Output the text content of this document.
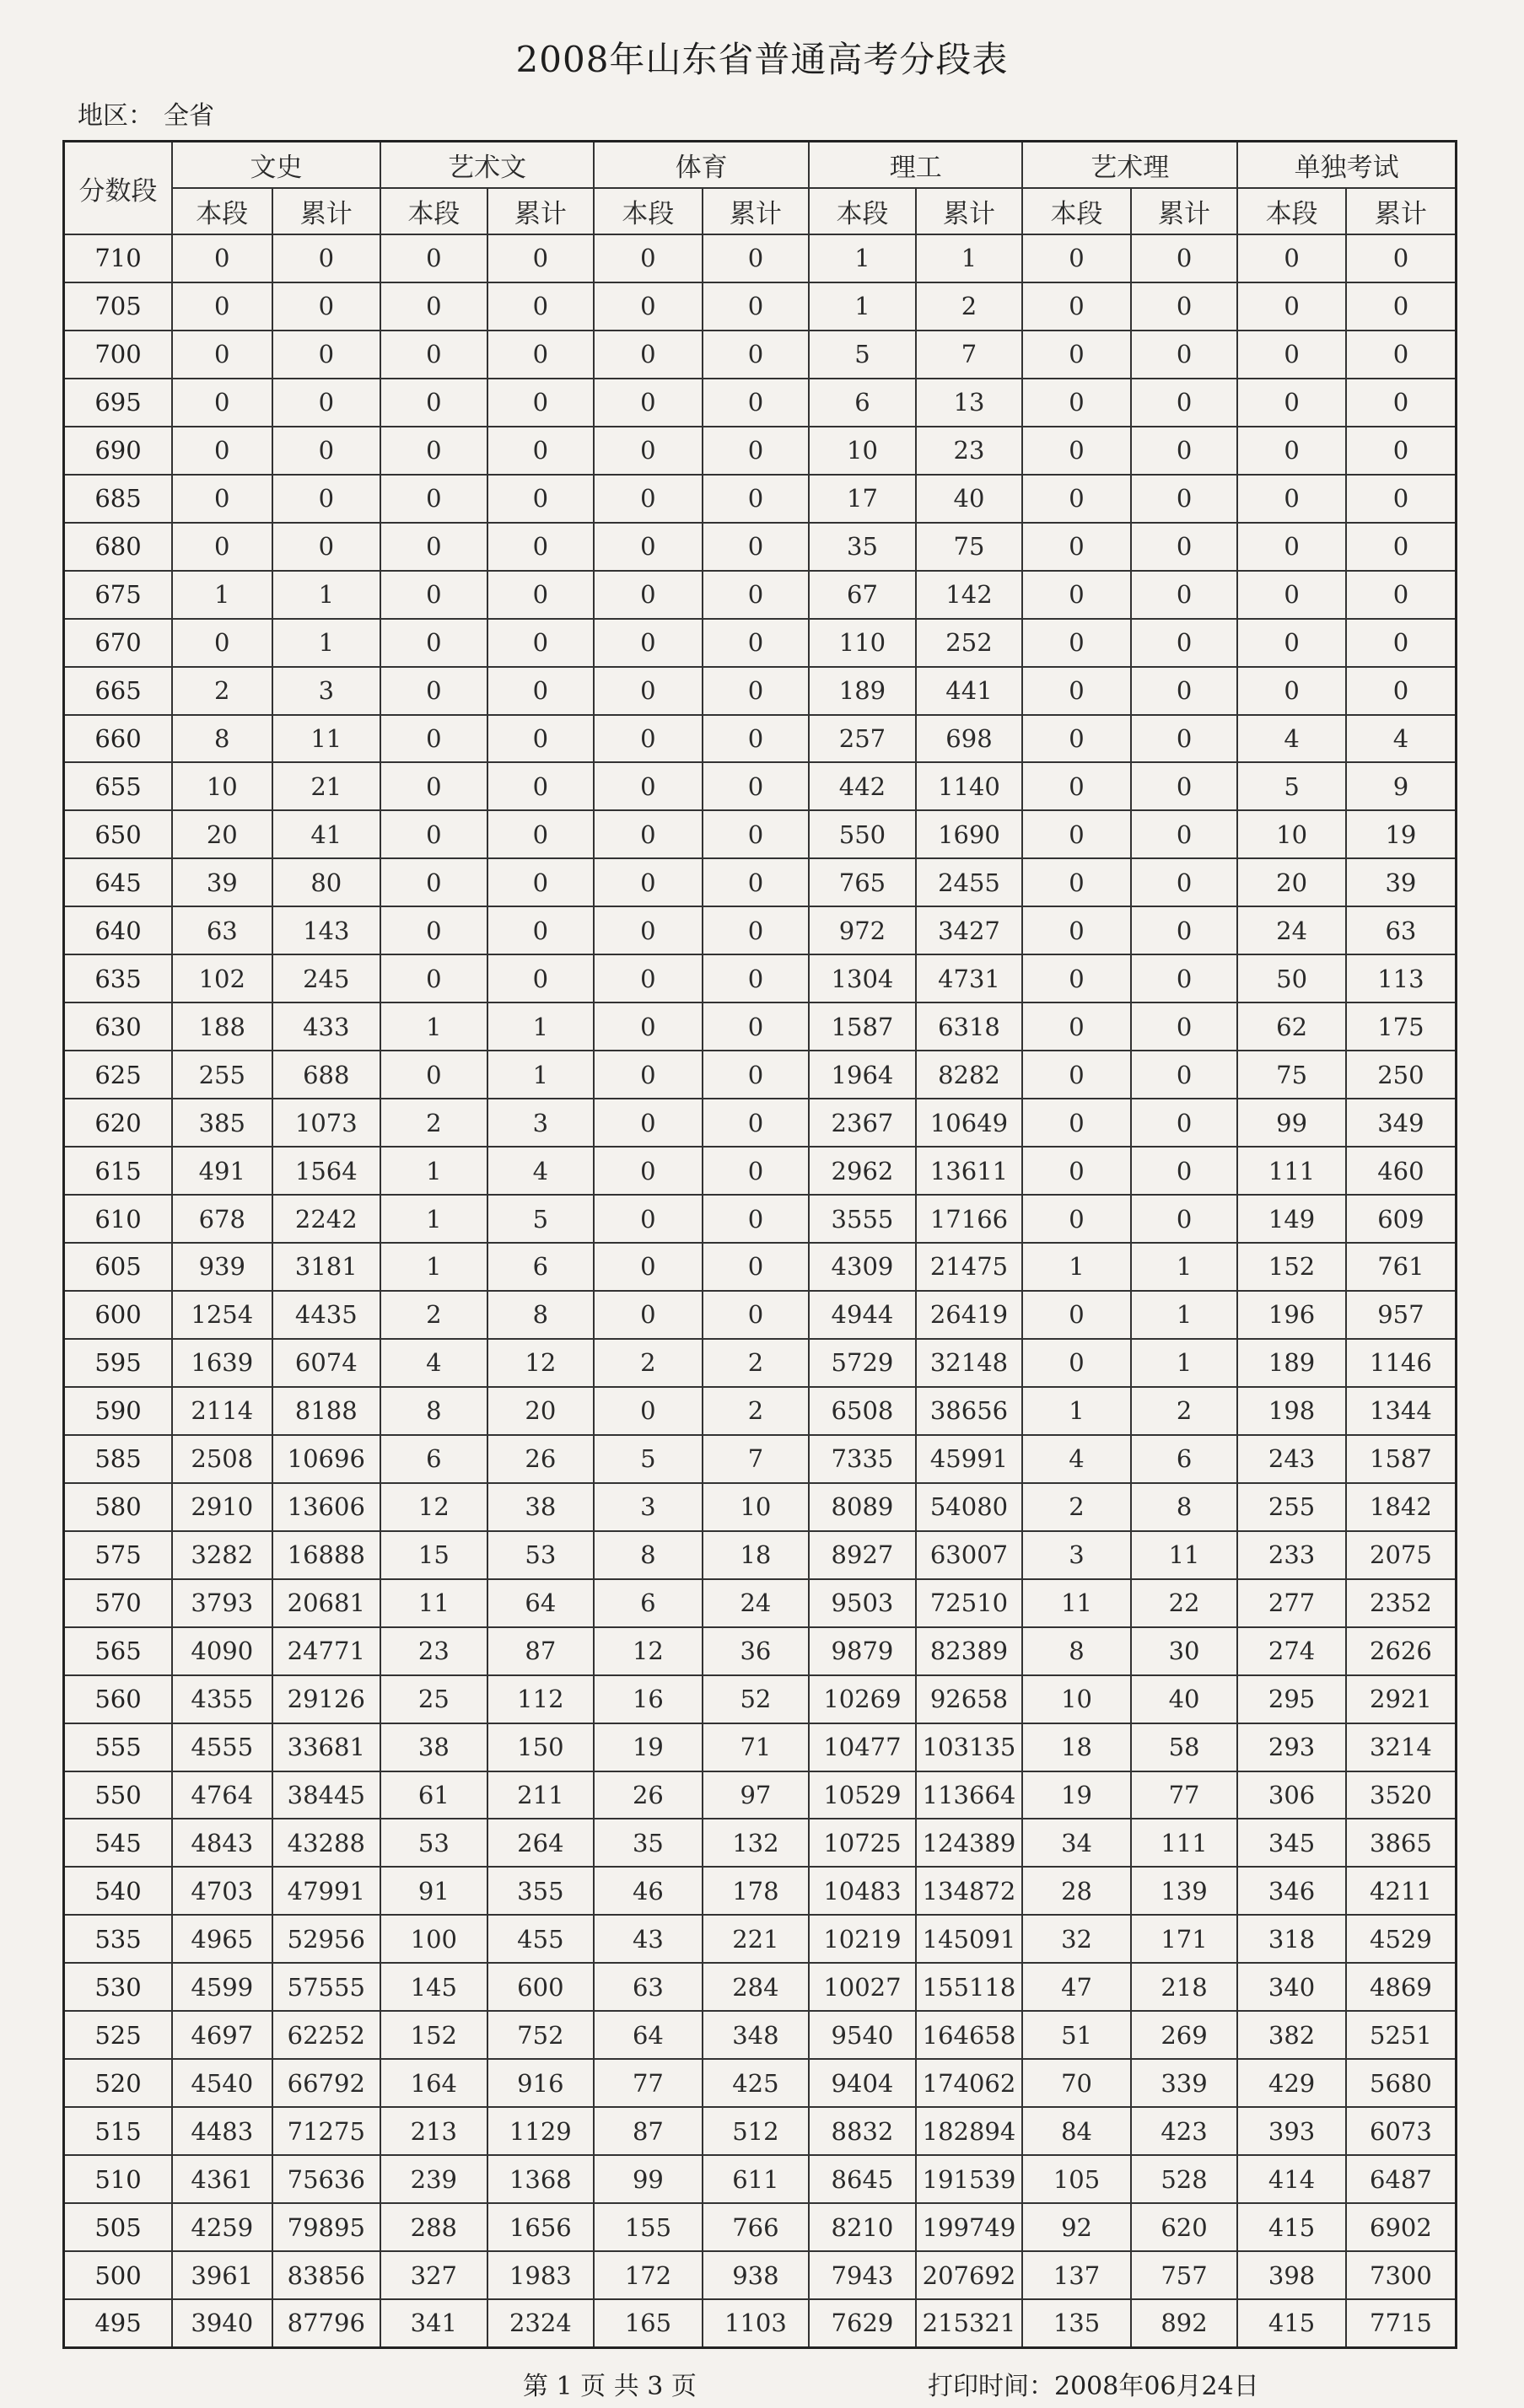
2008年山东省普通高考分段表
地区： 全省
分数段	文史		艺术文		体育		理工		艺术理		单独考试	
	本段	累计	本段	累计	本段	累计	本段	累计	本段	累计	本段	累计
710	0	0	0	0	0	0	1	1	0	0	0	0
705	0	0	0	0	0	0	1	2	0	0	0	0
700	0	0	0	0	0	0	5	7	0	0	0	0
695	0	0	0	0	0	0	6	13	0	0	0	0
690	0	0	0	0	0	0	10	23	0	0	0	0
685	0	0	0	0	0	0	17	40	0	0	0	0
680	0	0	0	0	0	0	35	75	0	0	0	0
675	1	1	0	0	0	0	67	142	0	0	0	0
670	0	1	0	0	0	0	110	252	0	0	0	0
665	2	3	0	0	0	0	189	441	0	0	0	0
660	8	11	0	0	0	0	257	698	0	0	4	4
655	10	21	0	0	0	0	442	1140	0	0	5	9
650	20	41	0	0	0	0	550	1690	0	0	10	19
645	39	80	0	0	0	0	765	2455	0	0	20	39
640	63	143	0	0	0	0	972	3427	0	0	24	63
635	102	245	0	0	0	0	1304	4731	0	0	50	113
630	188	433	1	1	0	0	1587	6318	0	0	62	175
625	255	688	0	1	0	0	1964	8282	0	0	75	250
620	385	1073	2	3	0	0	2367	10649	0	0	99	349
615	491	1564	1	4	0	0	2962	13611	0	0	111	460
610	678	2242	1	5	0	0	3555	17166	0	0	149	609
605	939	3181	1	6	0	0	4309	21475	1	1	152	761
600	1254	4435	2	8	0	0	4944	26419	0	1	196	957
595	1639	6074	4	12	2	2	5729	32148	0	1	189	1146
590	2114	8188	8	20	0	2	6508	38656	1	2	198	1344
585	2508	10696	6	26	5	7	7335	45991	4	6	243	1587
580	2910	13606	12	38	3	10	8089	54080	2	8	255	1842
575	3282	16888	15	53	8	18	8927	63007	3	11	233	2075
570	3793	20681	11	64	6	24	9503	72510	11	22	277	2352
565	4090	24771	23	87	12	36	9879	82389	8	30	274	2626
560	4355	29126	25	112	16	52	10269	92658	10	40	295	2921
555	4555	33681	38	150	19	71	10477	103135	18	58	293	3214
550	4764	38445	61	211	26	97	10529	113664	19	77	306	3520
545	4843	43288	53	264	35	132	10725	124389	34	111	345	3865
540	4703	47991	91	355	46	178	10483	134872	28	139	346	4211
535	4965	52956	100	455	43	221	10219	145091	32	171	318	4529
530	4599	57555	145	600	63	284	10027	155118	47	218	340	4869
525	4697	62252	152	752	64	348	9540	164658	51	269	382	5251
520	4540	66792	164	916	77	425	9404	174062	70	339	429	5680
515	4483	71275	213	1129	87	512	8832	182894	84	423	393	6073
510	4361	75636	239	1368	99	611	8645	191539	105	528	414	6487
505	4259	79895	288	1656	155	766	8210	199749	92	620	415	6902
500	3961	83856	327	1983	172	938	7943	207692	137	757	398	7300
495	3940	87796	341	2324	165	1103	7629	215321	135	892	415	7715
第 1 页 共 3 页	打印时间：2008年06月24日
